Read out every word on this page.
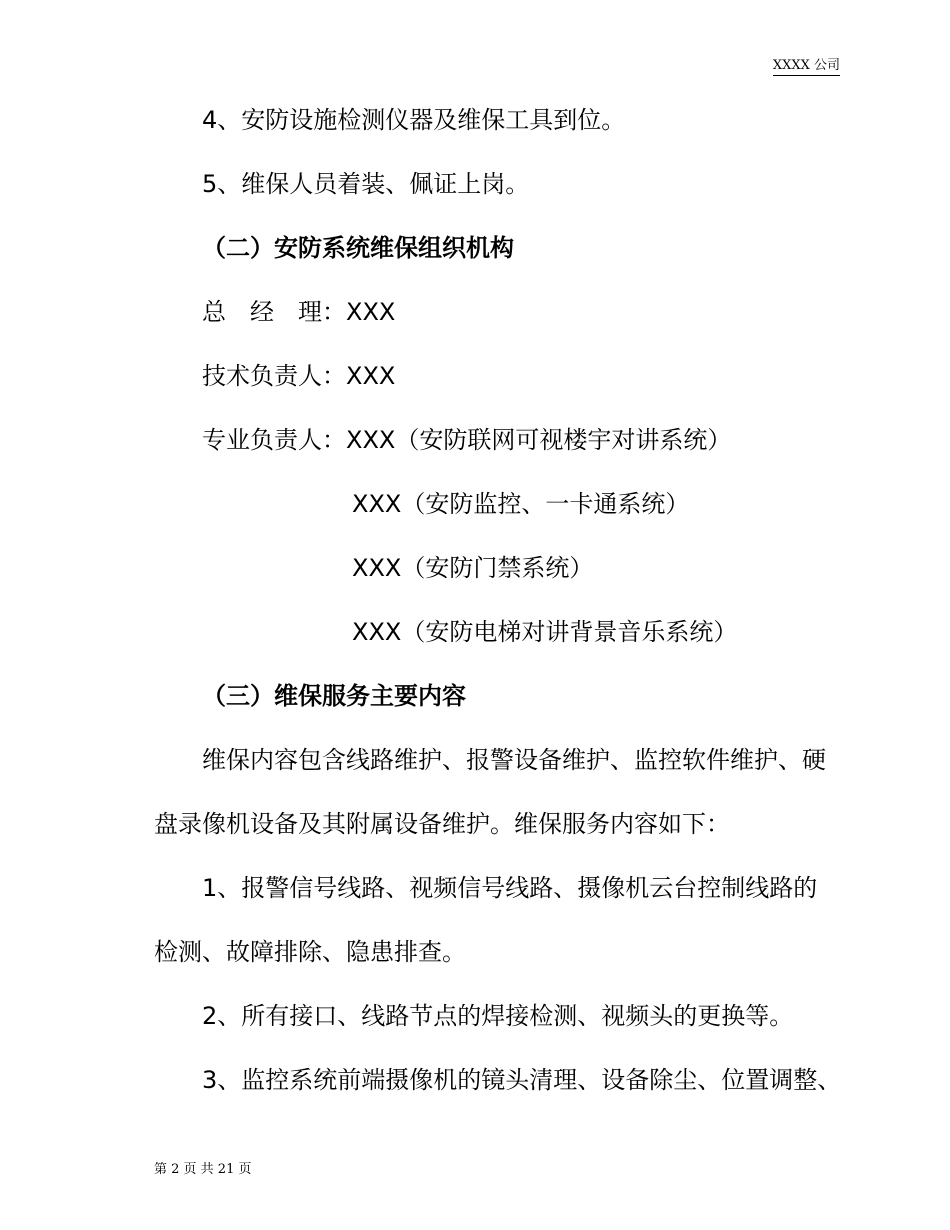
XXXX 公司
4、安防设施检测仪器及维保工具到位。
5、维保人员着装、佩证上岗。
（二）安防系统维保组织机构
总　经　理：XXX
技术负责人：XXX
专业负责人：XXX（安防联网可视楼宇对讲系统）
XXX（安防监控、一卡通系统）
XXX（安防门禁系统）
XXX（安防电梯对讲背景音乐系统）
（三）维保服务主要内容
维保内容包含线路维护、报警设备维护、监控软件维护、硬
盘录像机设备及其附属设备维护。维保服务内容如下：
1、报警信号线路、视频信号线路、摄像机云台控制线路的
检测、故障排除、隐患排查。
2、所有接口、线路节点的焊接检测、视频头的更换等。
3、监控系统前端摄像机的镜头清理、设备除尘、位置调整、
第 2 页 共 21 页
